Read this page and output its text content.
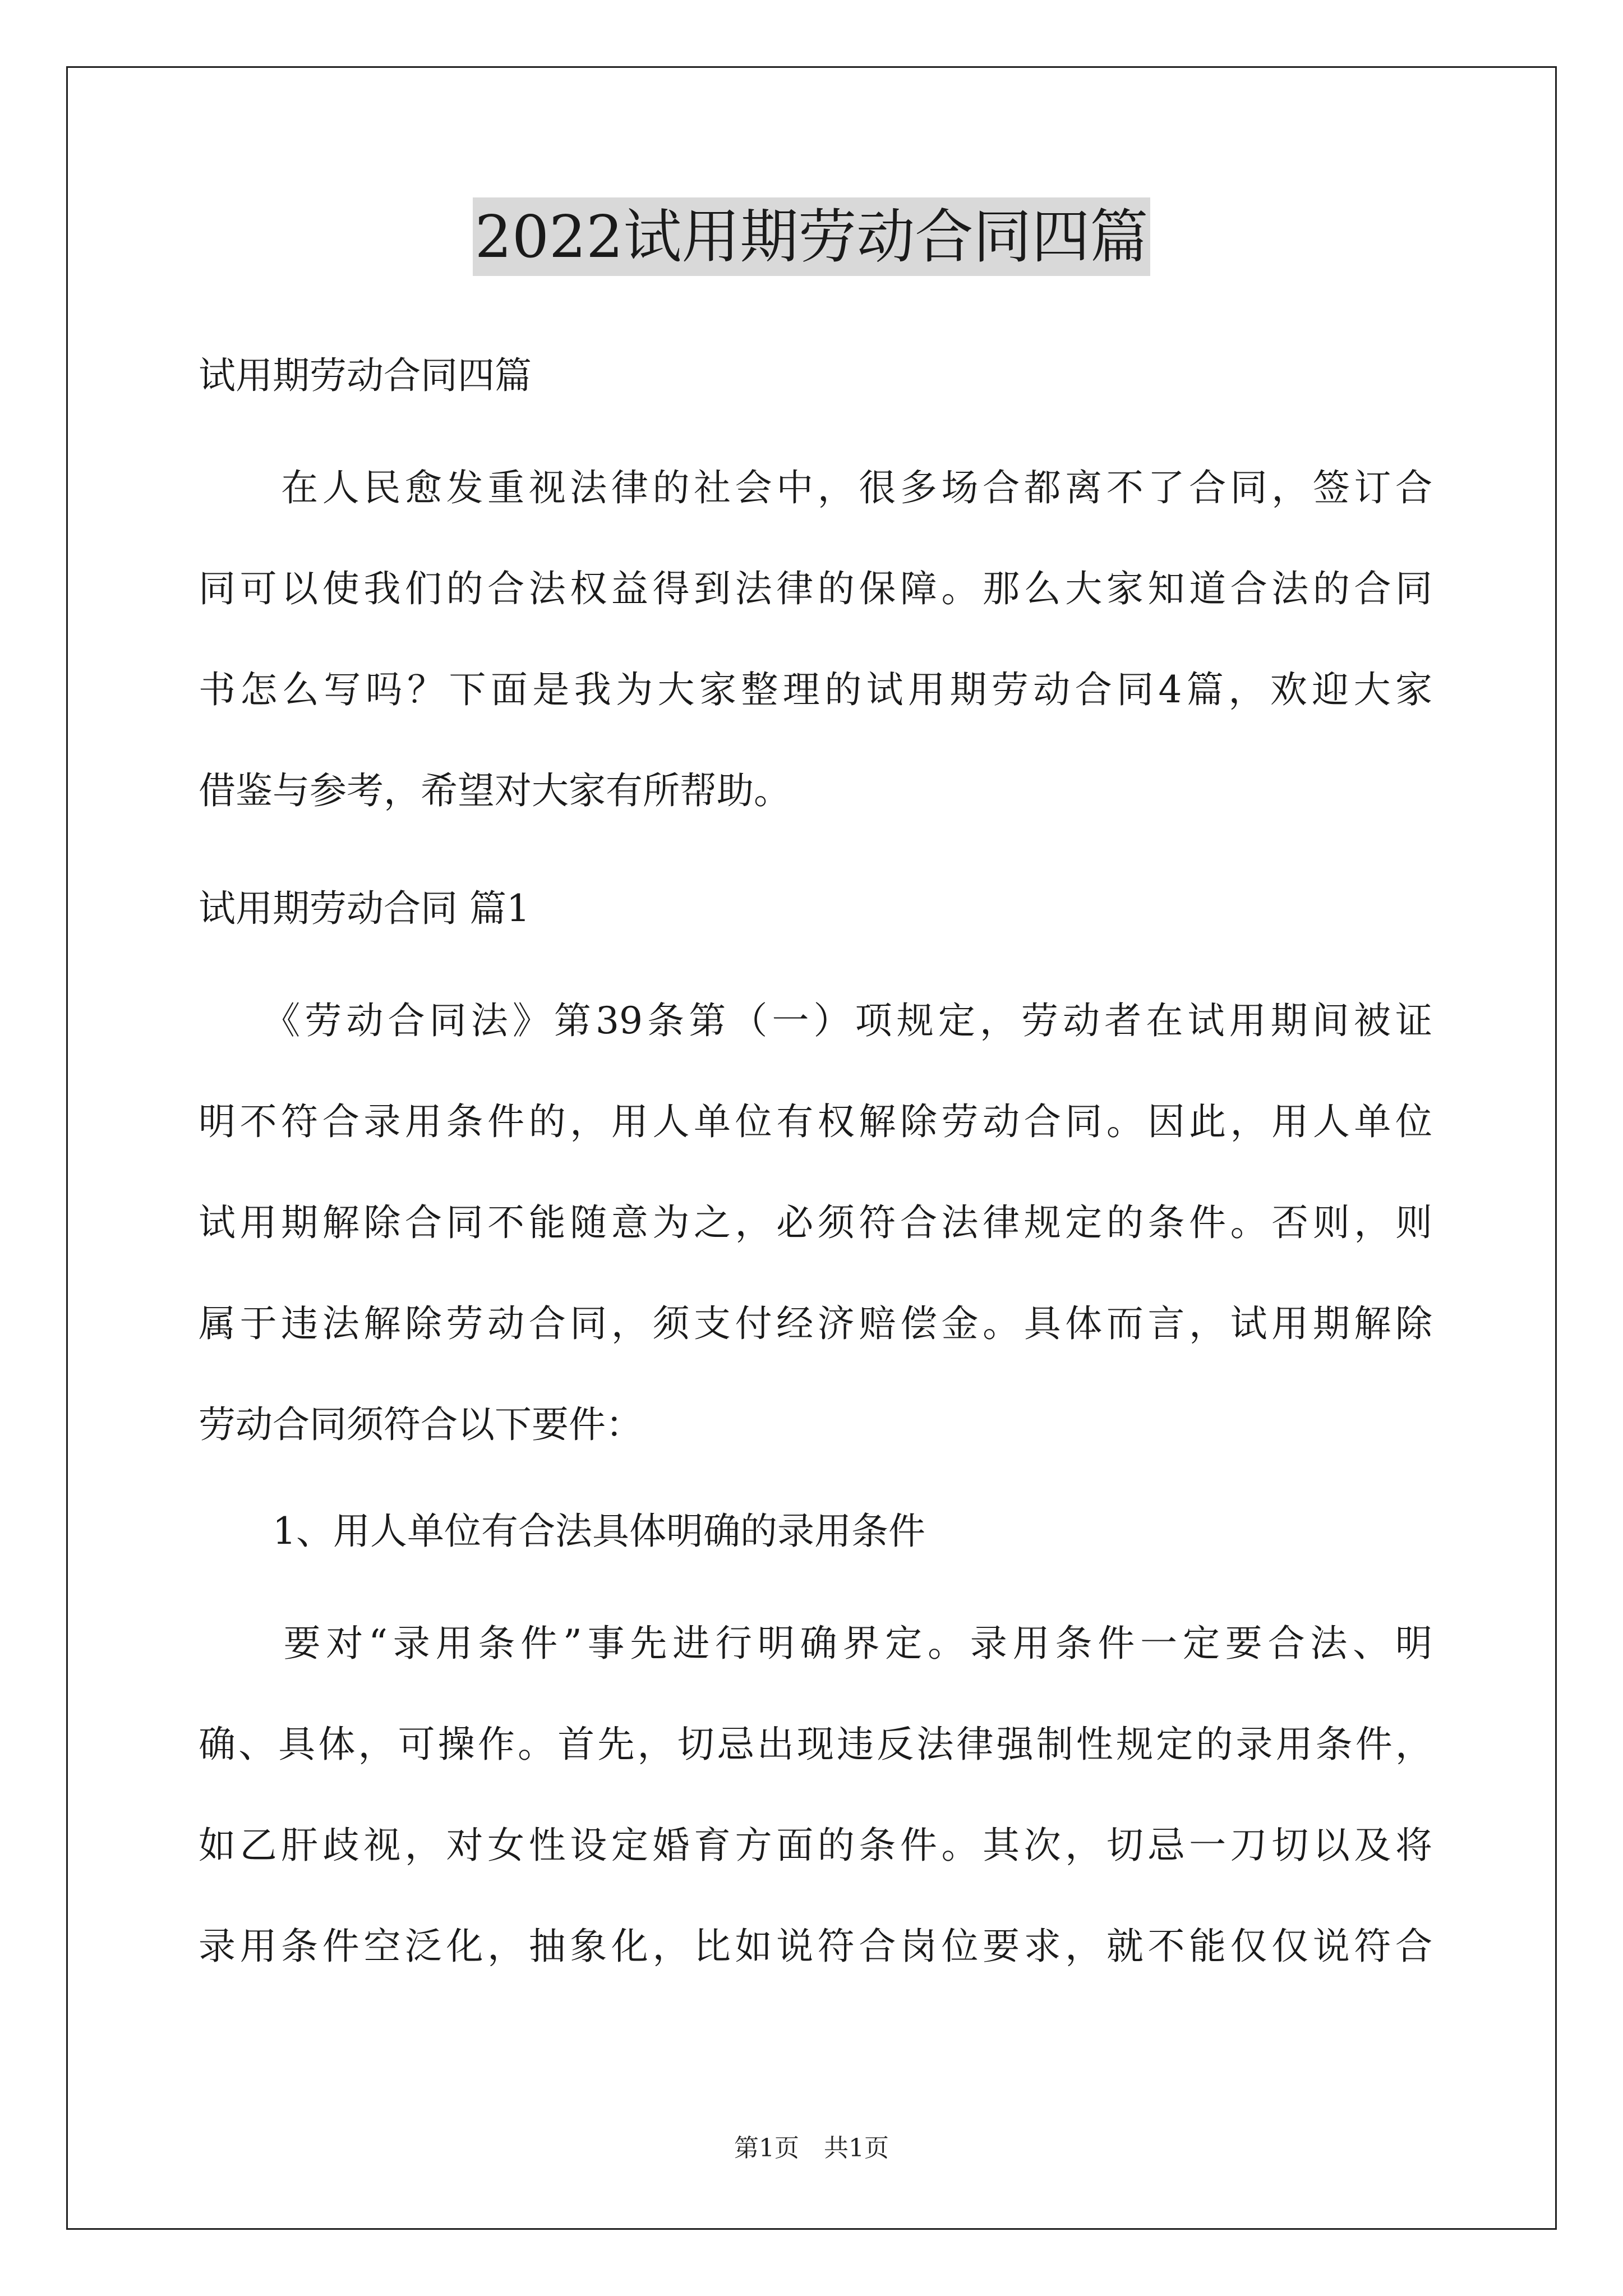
2022试用期劳动合同四篇
试用期劳动合同四篇
　　在人民愈发重视法律的社会中，很多场合都离不了合同，签订合
同可以使我们的合法权益得到法律的保障。那么大家知道合法的合同
书怎么写吗？下面是我为大家整理的试用期劳动合同4篇，欢迎大家
借鉴与参考，希望对大家有所帮助。
试用期劳动合同 篇1
　　《劳动合同法》第39条第（一）项规定，劳动者在试用期间被证
明不符合录用条件的，用人单位有权解除劳动合同。因此，用人单位
试用期解除合同不能随意为之，必须符合法律规定的条件。否则，则
属于违法解除劳动合同，须支付经济赔偿金。具体而言，试用期解除
劳动合同须符合以下要件：
　　1、用人单位有合法具体明确的录用条件
　　要对“录用条件”事先进行明确界定。录用条件一定要合法、明
确、具体，可操作。首先，切忌出现违反法律强制性规定的录用条件，
如乙肝歧视，对女性设定婚育方面的条件。其次，切忌一刀切以及将
录用条件空泛化，抽象化，比如说符合岗位要求，就不能仅仅说符合
第1页　共1页
